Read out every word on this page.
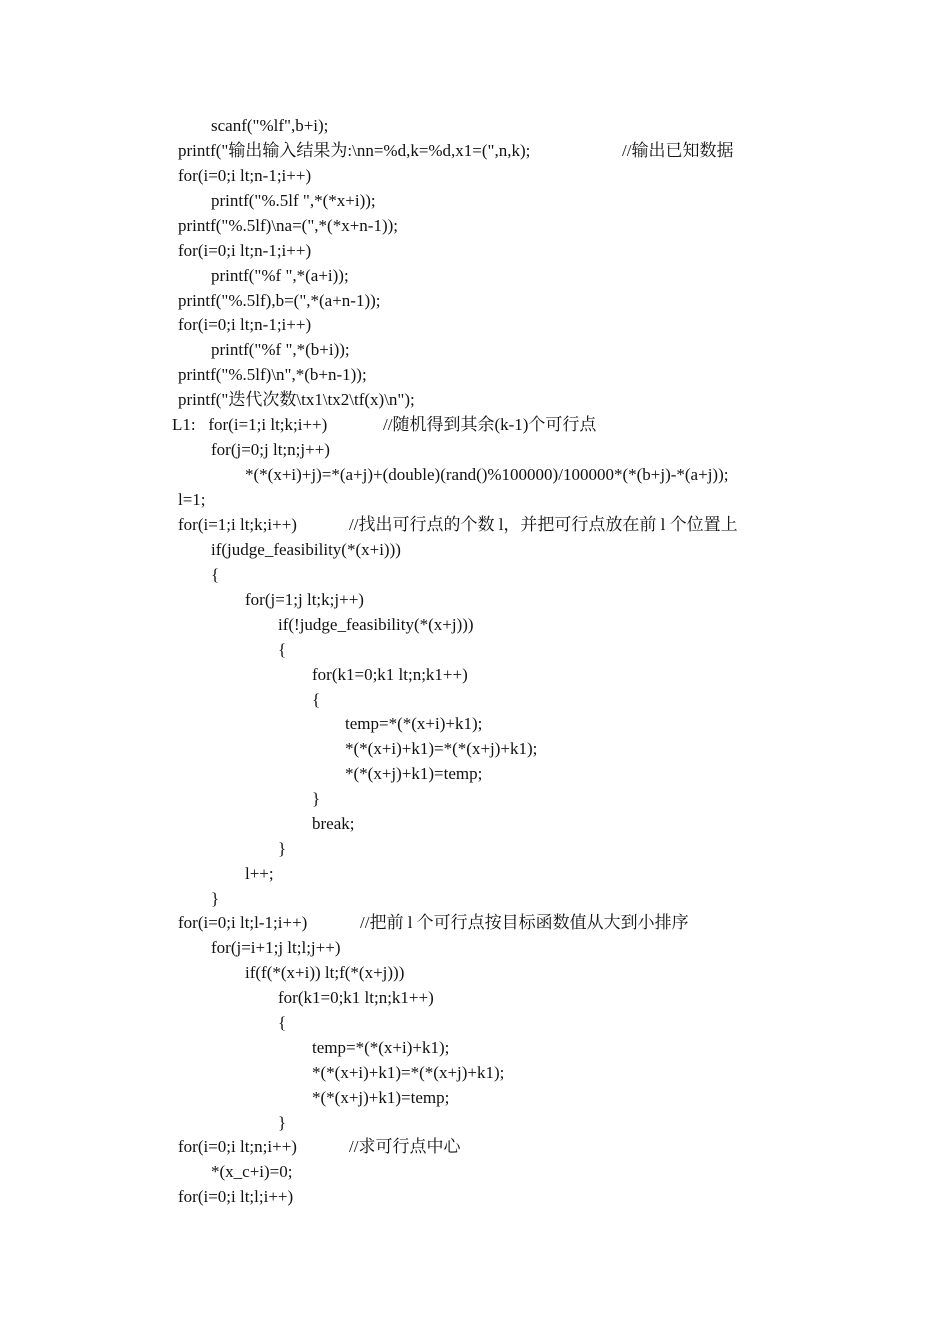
scanf("%lf",b+i);
printf("输出输入结果为:\nn=%d,k=%d,x1=(",n,k);	//输出已知数据
for(i=0;i lt;n-1;i++)
printf("%.5lf ",*(*x+i));
printf("%.5lf)\na=(",*(*x+n-1));
for(i=0;i lt;n-1;i++)
printf("%f ",*(a+i));
printf("%.5lf),b=(",*(a+n-1));
for(i=0;i lt;n-1;i++)
printf("%f ",*(b+i));
printf("%.5lf)\n",*(b+n-1));
printf("迭代次数\tx1\tx2\tf(x)\n");
L1:   for(i=1;i lt;k;i++)	//随机得到其余(k-1)个可行点
for(j=0;j lt;n;j++)
*(*(x+i)+j)=*(a+j)+(double)(rand()%100000)/100000*(*(b+j)-*(a+j));
l=1;
for(i=1;i lt;k;i++)	//找出可行点的个数 l，并把可行点放在前 l 个位置上
if(judge_feasibility(*(x+i)))
{
for(j=1;j lt;k;j++)
if(!judge_feasibility(*(x+j)))
{
for(k1=0;k1 lt;n;k1++)
{
temp=*(*(x+i)+k1);
*(*(x+i)+k1)=*(*(x+j)+k1);
*(*(x+j)+k1)=temp;
}
break;
}
l++;
}
for(i=0;i lt;l-1;i++)	//把前 l 个可行点按目标函数值从大到小排序
for(j=i+1;j lt;l;j++)
if(f(*(x+i)) lt;f(*(x+j)))
for(k1=0;k1 lt;n;k1++)
{
temp=*(*(x+i)+k1);
*(*(x+i)+k1)=*(*(x+j)+k1);
*(*(x+j)+k1)=temp;
}
for(i=0;i lt;n;i++)	//求可行点中心
*(x_c+i)=0;
for(i=0;i lt;l;i++)
